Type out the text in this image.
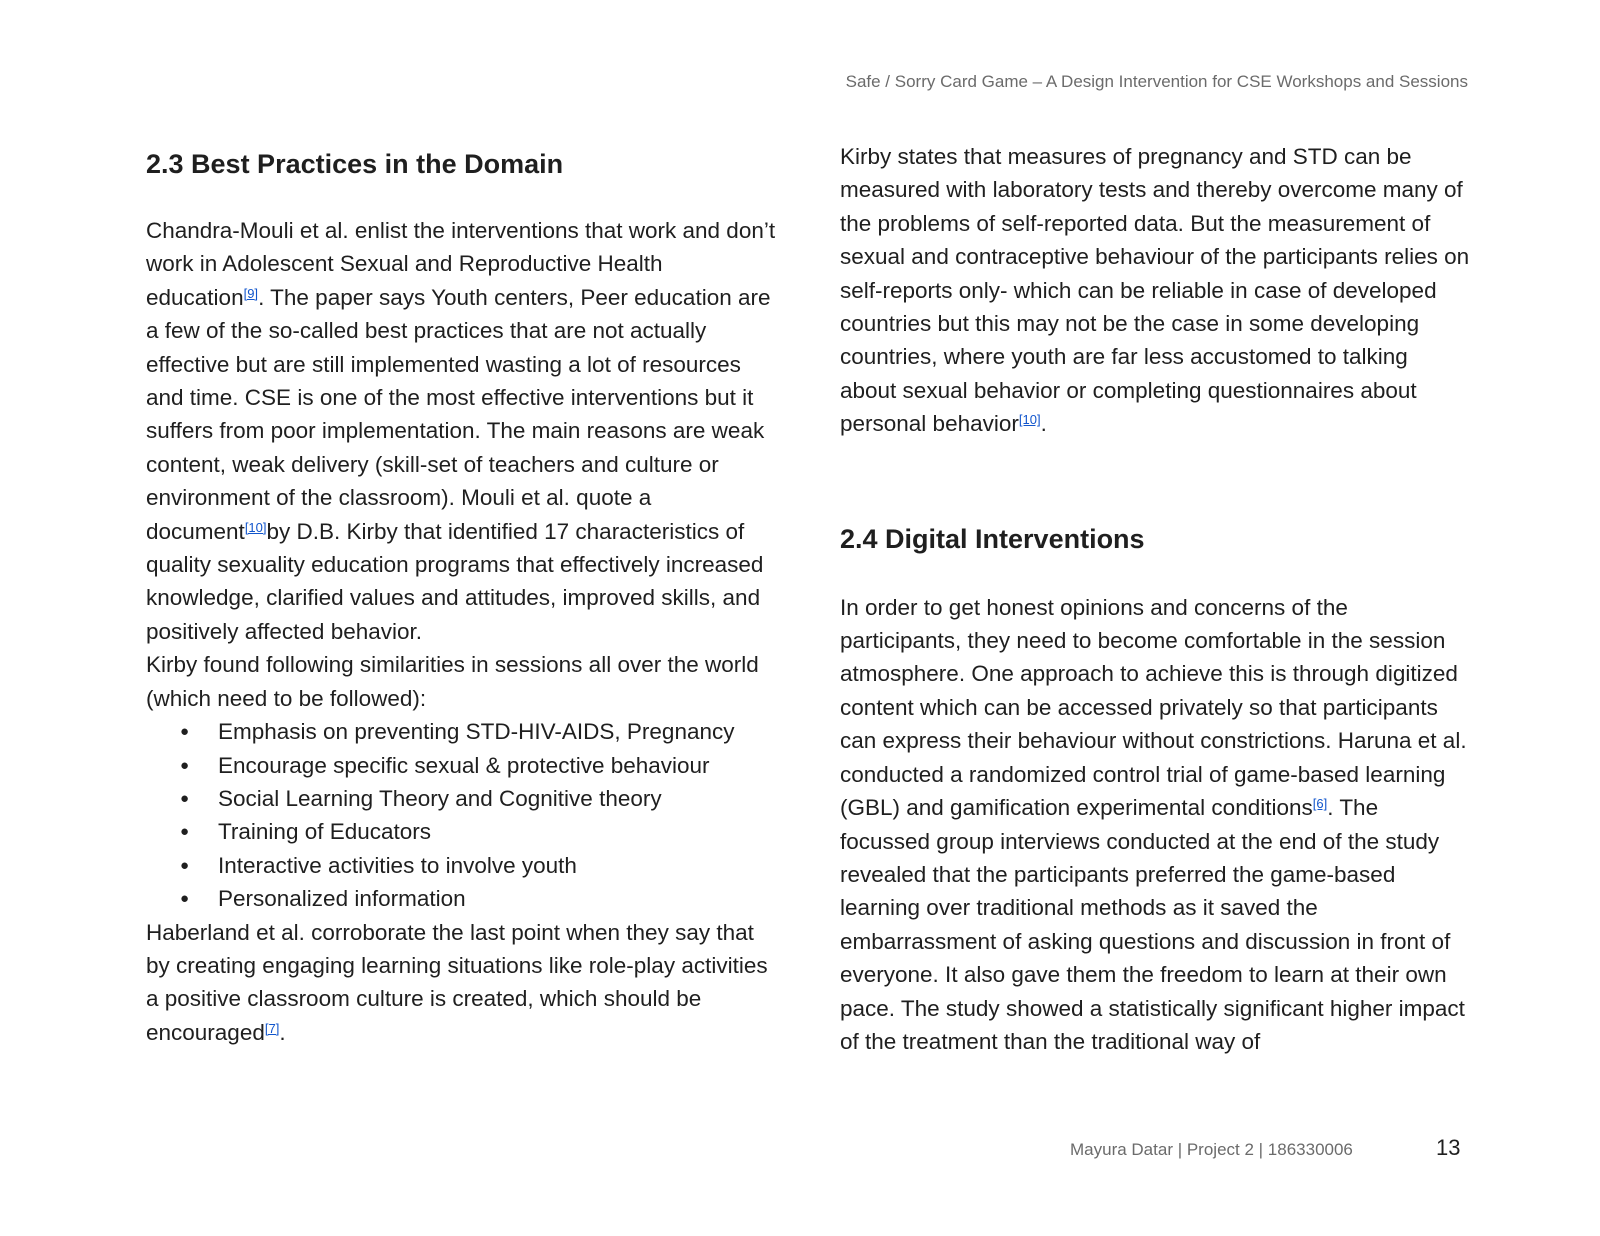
Safe / Sorry Card Game – A Design Intervention for CSE Workshops and Sessions
2.3 Best Practices in the Domain

Chandra-Mouli et al. enlist the interventions that work and don’t work in Adolescent Sexual and Reproductive Health education[9]. The paper says Youth centers, Peer education are a few of the so-called best practices that are not actually effective but are still implemented wasting a lot of resources and time. CSE is one of the most effective interventions but it suffers from poor implementation. The main reasons are weak content, weak delivery (skill-set of teachers and culture or environment of the classroom). Mouli et al. quote a document[10]by D.B. Kirby that identified 17 characteristics of quality sexuality education programs that effectively increased knowledge, clarified values and attitudes, improved skills, and positively affected behavior.

Kirby found following similarities in sessions all over the world (which need to be followed):

● Emphasis on preventing STD-HIV-AIDS, Pregnancy
● Encourage specific sexual & protective behaviour
● Social Learning Theory and Cognitive theory
● Training of Educators
● Interactive activities to involve youth
● Personalized information

Haberland et al. corroborate the last point when they say that by creating engaging learning situations like role-play activities a positive classroom culture is created, which should be encouraged[7].

Kirby states that measures of pregnancy and STD can be measured with laboratory tests and thereby overcome many of the problems of self-reported data. But the measurement of sexual and contraceptive behaviour of the participants relies on self-reports only- which can be reliable in case of developed countries but this may not be the case in some developing countries, where youth are far less accustomed to talking about sexual behavior or completing questionnaires about personal behavior[10].

2.4 Digital Interventions

In order to get honest opinions and concerns of the participants, they need to become comfortable in the session atmosphere. One approach to achieve this is through digitized content which can be accessed privately so that participants can express their behaviour without constrictions. Haruna et al. conducted a randomized control trial of game-based learning (GBL) and gamification experimental conditions[6]. The focussed group interviews conducted at the end of the study revealed that the participants preferred the game-based learning over traditional methods as it saved the embarrassment of asking questions and discussion in front of everyone. It also gave them the freedom to learn at their own pace. The study showed a statistically significant higher impact of the treatment than the traditional way of

Mayura Datar | Project 2 | 186330006	13
